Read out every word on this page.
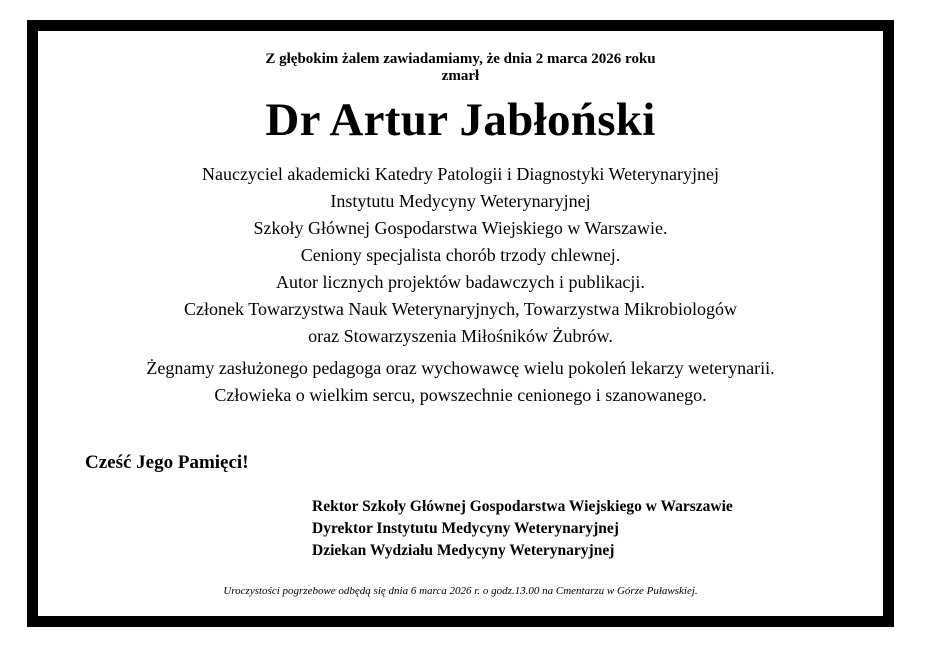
Z głębokim żalem zawiadamiamy, że dnia 2 marca 2026 roku
zmarł
Dr Artur Jabłoński
Nauczyciel akademicki Katedry Patologii i Diagnostyki Weterynaryjnej
Instytutu Medycyny Weterynaryjnej
Szkoły Głównej Gospodarstwa Wiejskiego w Warszawie.
Ceniony specjalista chorób trzody chlewnej.
Autor licznych projektów badawczych i publikacji.
Członek Towarzystwa Nauk Weterynaryjnych, Towarzystwa Mikrobiologów
oraz Stowarzyszenia Miłośników Żubrów.
Żegnamy zasłużonego pedagoga oraz wychowawcę wielu pokoleń lekarzy weterynarii.
Człowieka o wielkim sercu, powszechnie cenionego i szanowanego.
Cześć Jego Pamięci!
Rektor Szkoły Głównej Gospodarstwa Wiejskiego w Warszawie
Dyrektor Instytutu Medycyny Weterynaryjnej
Dziekan Wydziału Medycyny Weterynaryjnej
Uroczystości pogrzebowe odbędą się dnia 6 marca 2026 r. o godz.13.00 na Cmentarzu w Górze Puławskiej.
